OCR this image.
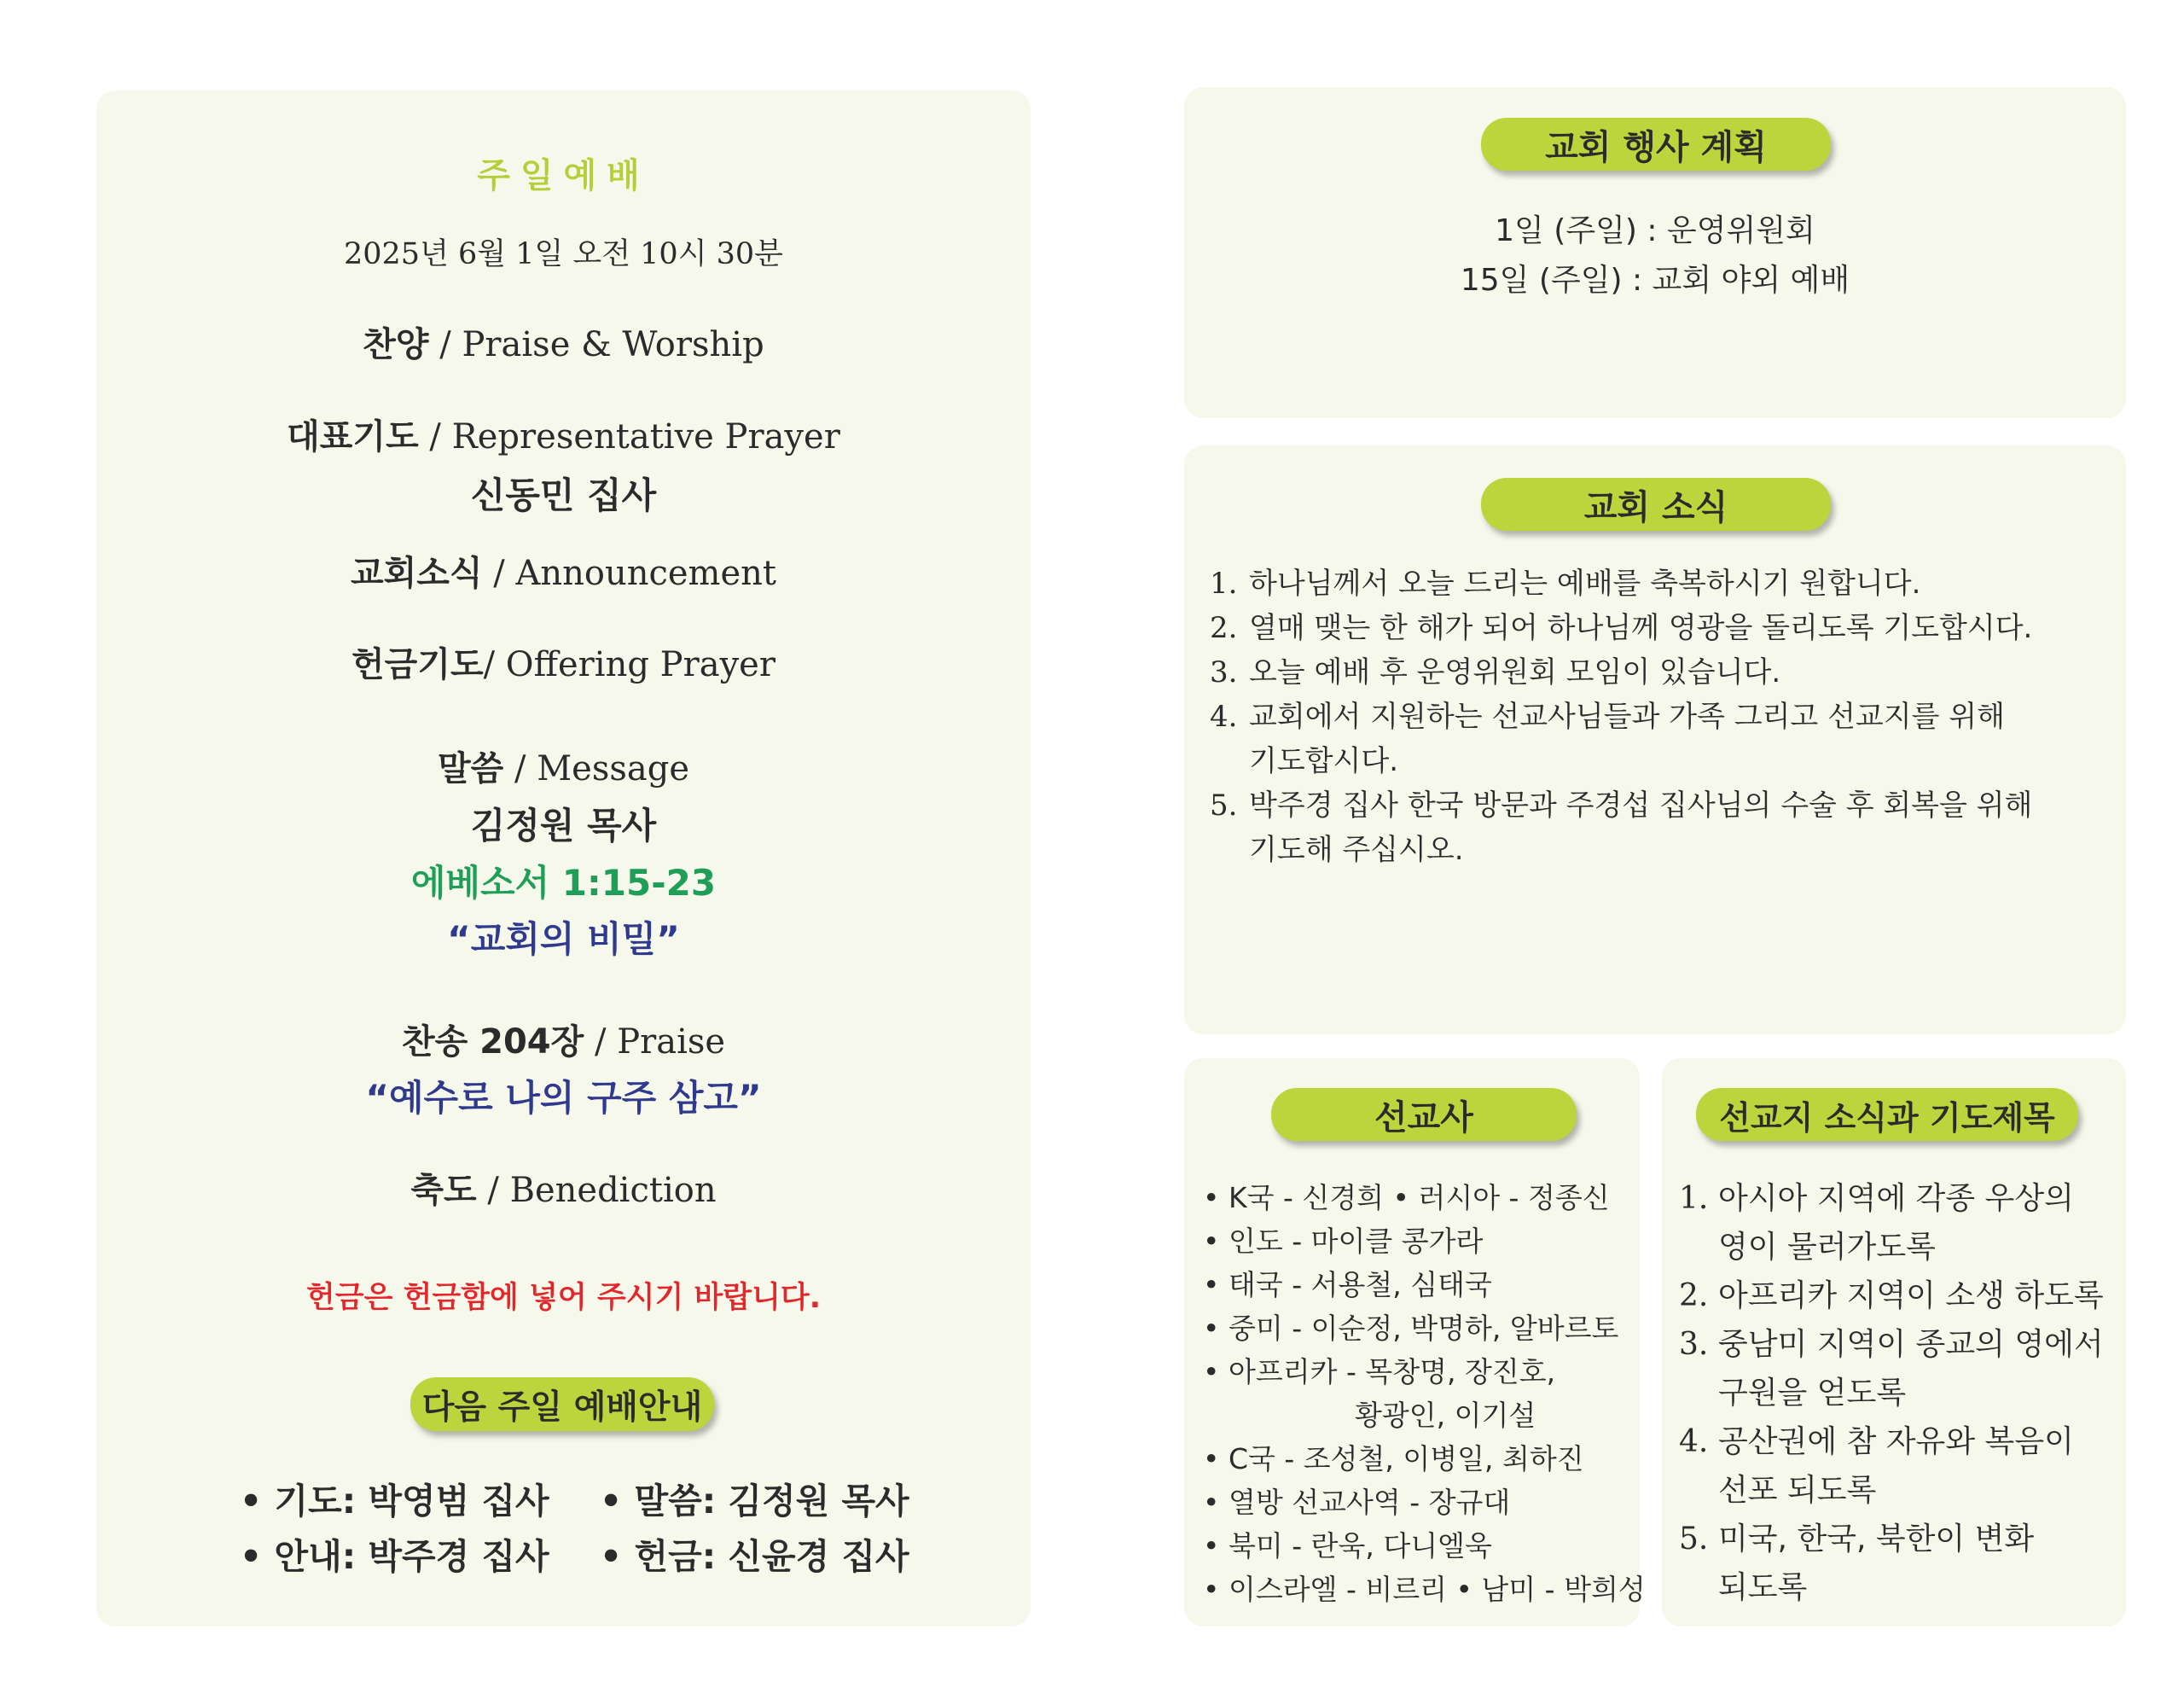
주일예배
2025년 6월 1일 오전 10시 30분
찬양 / Praise & Worship
대표기도 / Representative Prayer
신동민 집사
교회소식 / Announcement
헌금기도/ Offering Prayer
말씀 / Message
김정원 목사
에베소서 1:15-23
“교회의 비밀”
찬송 204장 / Praise
“예수로 나의 구주 삼고”
축도 / Benediction
헌금은 헌금함에 넣어 주시기 바랍니다.
다음 주일 예배안내
• 기도: 박영범 집사 • 말씀: 김정원 목사
• 안내: 박주경 집사 • 헌금: 신윤경 집사
교회 행사 계획
1일 (주일) : 운영위원회
15일 (주일) : 교회 야외 예배
교회 소식
1. 하나님께서 오늘 드리는 예배를 축복하시기 원합니다.
2. 열매 맺는 한 해가 되어 하나님께 영광을 돌리도록 기도합시다.
3. 오늘 예배 후 운영위원회 모임이 있습니다.
4. 교회에서 지원하는 선교사님들과 가족 그리고 선교지를 위해
기도합시다.
5. 박주경 집사 한국 방문과 주경섭 집사님의 수술 후 회복을 위해
기도해 주십시오.
선교사
• K국 - 신경희 • 러시아 - 정종신
• 인도 - 마이클 콩가라
• 태국 - 서용철, 심태국
• 중미 - 이순정, 박명하, 알바르토
• 아프리카 - 목창명, 장진호,
황광인, 이기설
• C국 - 조성철, 이병일, 최하진
• 열방 선교사역 - 장규대
• 북미 - 란욱, 다니엘욱
• 이스라엘 - 비르리 • 남미 - 박희성
선교지 소식과 기도제목
1. 아시아 지역에 각종 우상의
영이 물러가도록
2. 아프리카 지역이 소생 하도록
3. 중남미 지역이 종교의 영에서
구원을 얻도록
4. 공산권에 참 자유와 복음이
선포 되도록
5. 미국, 한국, 북한이 변화
되도록
